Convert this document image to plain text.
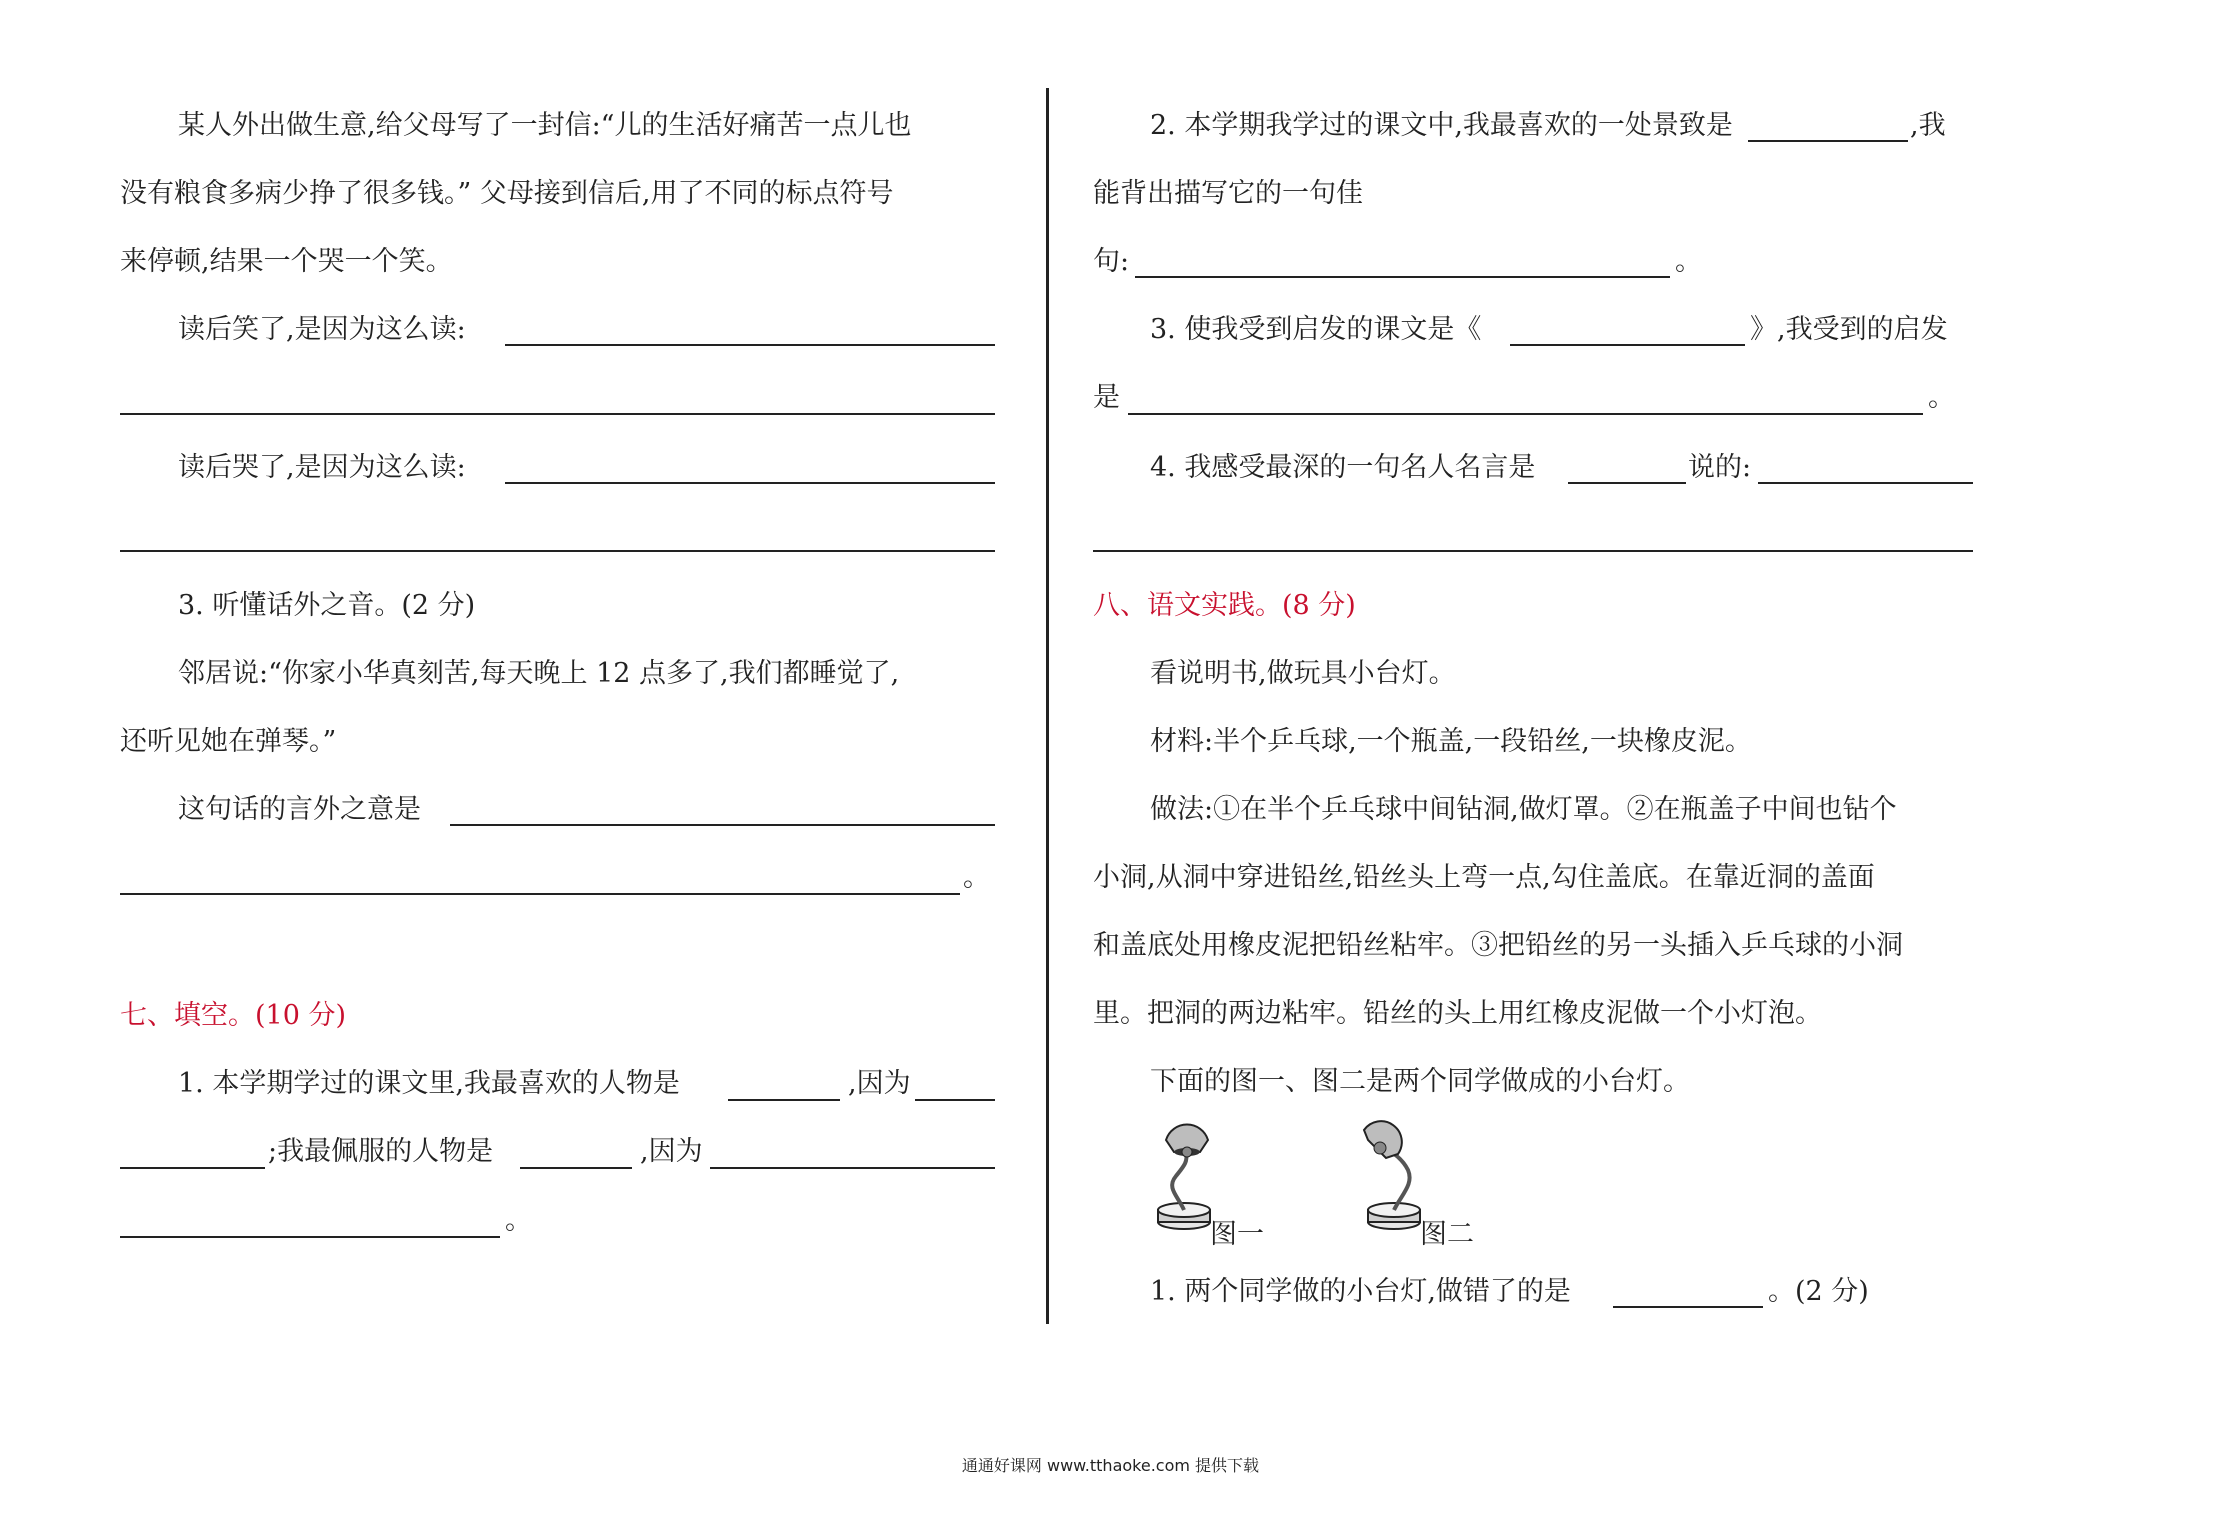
某人外出做生意,给父母写了一封信:“儿的生活好痛苦一点儿也
没有粮食多病少挣了很多钱。” 父母接到信后,用了不同的标点符号
来停顿,结果一个哭一个笑。
读后笑了,是因为这么读:
读后哭了,是因为这么读:
3. 听懂话外之音。(2 分)
邻居说:“你家小华真刻苦,每天晚上 12 点多了,我们都睡觉了,
还听见她在弹琴。”
这句话的言外之意是
。
七、填空。(10 分)
1. 本学期学过的课文里,我最喜欢的人物是	,因为
;我最佩服的人物是	,因为
。
2. 本学期我学过的课文中,我最喜欢的一处景致是	,我
能背出描写它的一句佳
句:	。
3. 使我受到启发的课文是《	》,我受到的启发
是	。
4. 我感受最深的一句名人名言是	说的:
八、语文实践。(8 分)
看说明书,做玩具小台灯。
材料:半个乒乓球,一个瓶盖,一段铅丝,一块橡皮泥。
做法:①在半个乒乓球中间钻洞,做灯罩。②在瓶盖子中间也钻个
小洞,从洞中穿进铅丝,铅丝头上弯一点,勾住盖底。在靠近洞的盖面
和盖底处用橡皮泥把铅丝粘牢。③把铅丝的另一头插入乒乓球的小洞
里。把洞的两边粘牢。铅丝的头上用红橡皮泥做一个小灯泡。
下面的图一、图二是两个同学做成的小台灯。
图一	图二
1. 两个同学做的小台灯,做错了的是	。(2 分)
通通好课网 www.tthaoke.com 提供下载
